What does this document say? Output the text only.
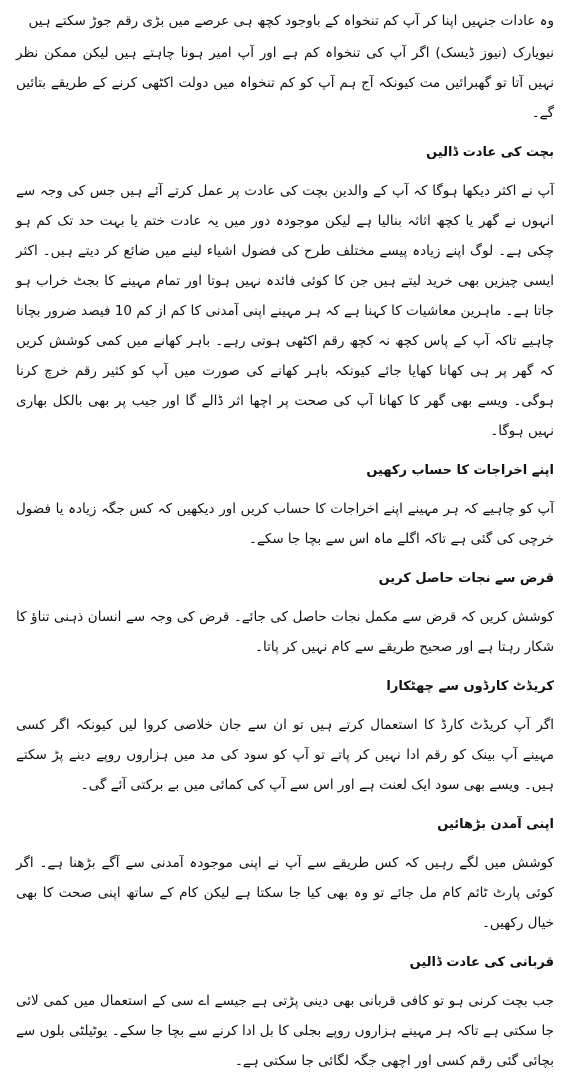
وہ عادات جنہیں اپنا کر آپ کم تنخواہ کے باوجود کچھ ہی عرصے میں بڑی رقم جوڑ سکتے ہیں

نیویارک (نیوز ڈیسک) اگر آپ کی تنخواہ کم ہے اور آپ امیر ہونا چاہتے ہیں لیکن ممکن نظر نہیں آتا تو گھبرائیں مت کیونکہ آج ہم آپ کو کم تنخواہ میں دولت اکٹھی کرنے کے طریقے بتائیں گے۔

بچت کی عادت ڈالیں

آپ نے اکثر دیکھا ہوگا کہ آپ کے والدین بچت کی عادت پر عمل کرتے آئے ہیں جس کی وجہ سے انہوں نے گھر یا کچھ اثاثہ بنالیا ہے لیکن موجودہ دور میں یہ عادت ختم یا بہت حد تک کم ہو چکی ہے۔ لوگ اپنے زیادہ پیسے مختلف طرح کی فضول اشیاء لینے میں ضائع کر دیتے ہیں۔ اکثر ایسی چیزیں بھی خرید لیتے ہیں جن کا کوئی فائدہ نہیں ہوتا اور تمام مہینے کا بجٹ خراب ہو جاتا ہے۔ ماہرین معاشیات کا کہنا ہے کہ ہر مہینے اپنی آمدنی کا کم از کم 10 فیصد ضرور بچانا چاہیے تاکہ آپ کے پاس کچھ نہ کچھ رقم اکٹھی ہوتی رہے۔ باہر کھانے میں کمی کوشش کریں کہ گھر پر ہی کھانا کھایا جائے کیونکہ باہر کھانے کی صورت میں آپ کو کثیر رقم خرچ کرنا ہوگی۔ ویسے بھی گھر کا کھانا آپ کی صحت پر اچھا اثر ڈالے گا اور جیب پر بھی بالکل بھاری نہیں ہوگا۔

اپنے اخراجات کا حساب رکھیں

آپ کو چاہیے کہ ہر مہینے اپنے اخراجات کا حساب کریں اور دیکھیں کہ کس جگہ زیادہ یا فضول خرچی کی گئی ہے تاکہ اگلے ماہ اس سے بچا جا سکے۔

قرض سے نجات حاصل کریں

کوشش کریں کہ قرض سے مکمل نجات حاصل کی جائے۔ قرض کی وجہ سے انسان ذہنی تناؤ کا شکار رہتا ہے اور صحیح طریقے سے کام نہیں کر پاتا۔

کریڈٹ کارڈوں سے چھٹکارا

اگر آپ کریڈٹ کارڈ کا استعمال کرتے ہیں تو ان سے جان خلاصی کروا لیں کیونکہ اگر کسی مہینے آپ بینک کو رقم ادا نہیں کر پاتے تو آپ کو سود کی مد میں ہزاروں روپے دینے پڑ سکتے ہیں۔ ویسے بھی سود ایک لعنت ہے اور اس سے آپ کی کمائی میں بے برکتی آئے گی۔

اپنی آمدن بڑھائیں

کوشش میں لگے رہیں کہ کس طریقے سے آپ نے اپنی موجودہ آمدنی سے آگے بڑھنا ہے۔ اگر کوئی پارٹ ٹائم کام مل جائے تو وہ بھی کیا جا سکتا ہے لیکن کام کے ساتھ اپنی صحت کا بھی خیال رکھیں۔

قربانی کی عادت ڈالیں

جب بچت کرنی ہو تو کافی قربانی بھی دینی پڑتی ہے جیسے اے سی کے استعمال میں کمی لائی جا سکتی ہے تاکہ ہر مہینے ہزاروں روپے بجلی کا بل ادا کرنے سے بچا جا سکے۔ یوٹیلٹی بلوں سے بچائی گئی رقم کسی اور اچھی جگہ لگائی جا سکتی ہے۔
